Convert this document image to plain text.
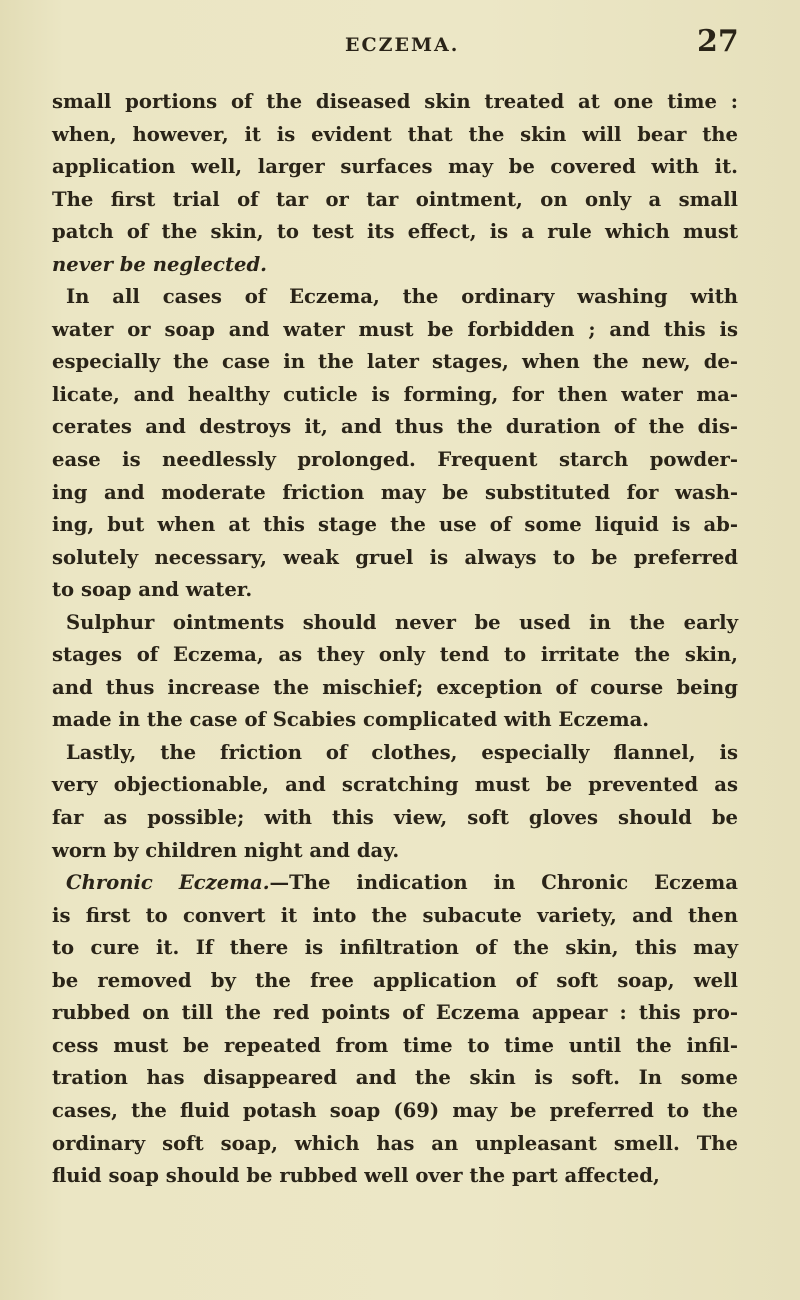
ECZEMA.	27
small portions of the diseased skin treated at one time :
when, however, it is evident that the skin will bear the
application well, larger surfaces may be covered with it.
The first trial of tar or tar ointment, on only a small
patch of the skin, to test its effect, is a rule which must
never be neglected.
In all cases of Eczema, the ordinary washing with
water or soap and water must be forbidden ; and this is
especially the case in the later stages, when the new, de-
licate, and healthy cuticle is forming, for then water ma-
cerates and destroys it, and thus the duration of the dis-
ease is needlessly prolonged. Frequent starch powder-
ing and moderate friction may be substituted for wash-
ing, but when at this stage the use of some liquid is ab-
solutely necessary, weak gruel is always to be preferred
to soap and water.
Sulphur ointments should never be used in the early
stages of Eczema, as they only tend to irritate the skin,
and thus increase the mischief; exception of course being
made in the case of Scabies complicated with Eczema.
Lastly, the friction of clothes, especially flannel, is
very objectionable, and scratching must be prevented as
far as possible; with this view, soft gloves should be
worn by children night and day.
Chronic Eczema.—The indication in Chronic Eczema
is first to convert it into the subacute variety, and then
to cure it. If there is infiltration of the skin, this may
be removed by the free application of soft soap, well
rubbed on till the red points of Eczema appear : this pro-
cess must be repeated from time to time until the infil-
tration has disappeared and the skin is soft. In some
cases, the fluid potash soap (69) may be preferred to the
ordinary soft soap, which has an unpleasant smell. The
fluid soap should be rubbed well over the part affected,
